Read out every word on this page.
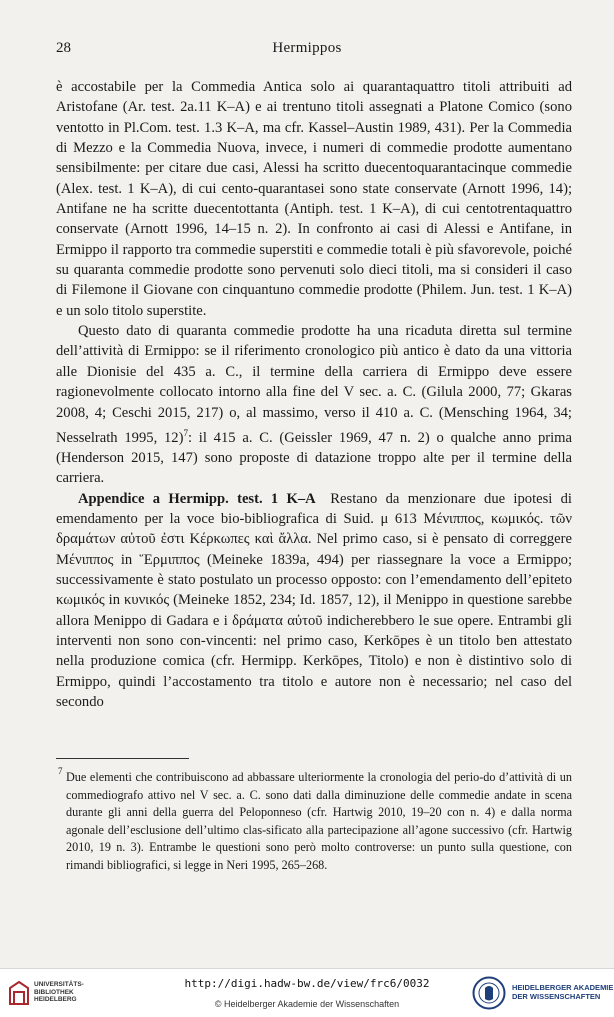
28	Hermippos

è accostabile per la Commedia Antica solo ai quarantaquattro titoli attribuiti ad Aristofane (Ar. test. 2a.11 K–A) e ai trentuno titoli assegnati a Platone Comico (sono ventotto in Pl.Com. test. 1.3 K–A, ma cfr. Kassel–Austin 1989, 431). Per la Commedia di Mezzo e la Commedia Nuova, invece, i numeri di commedie prodotte aumentano sensibilmente: per citare due casi, Alessi ha scritto duecentoquarantacinque commedie (Alex. test. 1 K–A), di cui cento-quarantasei sono state conservate (Arnott 1996, 14); Antifane ne ha scritte duecentottanta (Antiph. test. 1 K–A), di cui centotrentaquattro conservate (Arnott 1996, 14–15 n. 2). In confronto ai casi di Alessi e Antifane, in Ermippo il rapporto tra commedie superstiti e commedie totali è più sfavorevole, poiché su quaranta commedie prodotte sono pervenuti solo dieci titoli, ma si consideri il caso di Filemone il Giovane con cinquantuno commedie prodotte (Philem. Jun. test. 1 K–A) e un solo titolo superstite.

Questo dato di quaranta commedie prodotte ha una ricaduta diretta sul termine dell’attività di Ermippo: se il riferimento cronologico più antico è dato da una vittoria alle Dionisie del 435 a. C., il termine della carriera di Ermippo deve essere ragionevolmente collocato intorno alla fine del V sec. a. C. (Gilula 2000, 77; Gkaras 2008, 4; Ceschi 2015, 217) o, al massimo, verso il 410 a. C. (Mensching 1964, 34; Nesselrath 1995, 12)$^7$: il 415 a. C. (Geissler 1969, 47 n. 2) o qualche anno prima (Henderson 2015, 147) sono proposte di datazione troppo alte per il termine della carriera.

Appendice a Hermipp. test. 1 K–A  Restano da menzionare due ipotesi di emendamento per la voce bio-bibliografica di Suid. μ 613 Μένιππος, κωμικός. τῶν δραμάτων αὐτοῦ ἐστι Κέρκωπες καὶ ἄλλα. Nel primo caso, si è pensato di correggere Μένιππος in Ἕρμιππος (Meineke 1839a, 494) per riassegnare la voce a Ermippo; successivamente è stato postulato un processo opposto: con l’emendamento dell’epiteto κωμικός in κυνικός (Meineke 1852, 234; Id. 1857, 12), il Menippo in questione sarebbe allora Menippo di Gadara e i δράματα αὐτοῦ indicherebbero le sue opere. Entrambi gli interventi non sono con-vincenti: nel primo caso, Kerkōpes è un titolo ben attestato nella produzione comica (cfr. Hermipp. Kerkōpes, Titolo) e non è distintivo solo di Ermippo, quindi l’accostamento tra titolo e autore non è necessario; nel caso del secondo

7 Due elementi che contribuiscono ad abbassare ulteriormente la cronologia del perio-do d’attività di un commediografo attivo nel V sec. a. C. sono dati dalla diminuzione delle commedie andate in scena durante gli anni della guerra del Peloponneso (cfr. Hartwig 2010, 19–20 con n. 4) e dalla norma agonale dell’esclusione dell’ultimo clas-sificato alla partecipazione all’agone successivo (cfr. Hartwig 2010, 19 n. 3). Entrambe le questioni sono però molto controverse: un punto sulla questione, con rimandi bibliografici, si legge in Neri 1995, 265–268.

UNIVERSITÄTS-
BIBLIOTHEK
HEIDELBERG
http://digi.hadw-bw.de/view/frc6/0032
© Heidelberger Akademie der Wissenschaften
HEIDELBERGER AKADEMIE
DER WISSENSCHAFTEN
